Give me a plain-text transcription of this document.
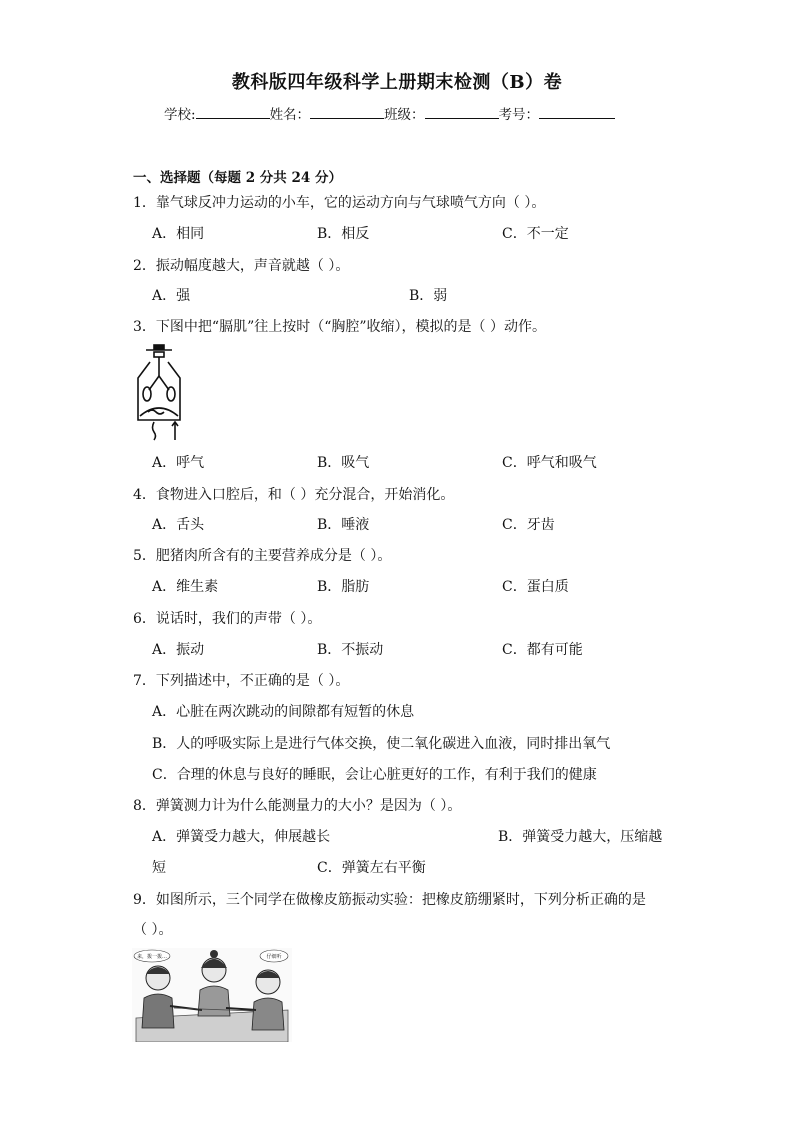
教科版四年级科学上册期末检测（B）卷
学校:	姓名：	班级：	考号：
一、选择题（每题 2 分共 24 分）
1．靠气球反冲力运动的小车，它的运动方向与气球喷气方向（ ）。
A．相同	B．相反	C．不一定
2．振动幅度越大，声音就越（ ）。
A．强	B．弱
3．下图中把“膈肌”往上按时（“胸腔”收缩），模拟的是（ ）动作。
A．呼气	B．吸气	C．呼气和吸气
4．食物进入口腔后，和（ ）充分混合，开始消化。
A．舌头	B．唾液	C．牙齿
5．肥猪肉所含有的主要营养成分是（ ）。
A．维生素	B．脂肪	C．蛋白质
6．说话时，我们的声带（ ）。
A．振动	B．不振动	C．都有可能
7．下列描述中，不正确的是（ ）。
A．心脏在两次跳动的间隙都有短暂的休息
B．人的呼吸实际上是进行气体交换，使二氧化碳进入血液，同时排出氧气
C．合理的休息与良好的睡眠，会让心脏更好的工作，有利于我们的健康
8．弹簧测力计为什么能测量力的大小？是因为（ ）。
A．弹簧受力越大，伸展越长	B．弹簧受力越大，压缩越
短	C．弹簧左右平衡
9．如图所示，三个同学在做橡皮筋振动实验：把橡皮筋绷紧时，下列分析正确的是
（ ）。
来，拨一拨…	仔细听
